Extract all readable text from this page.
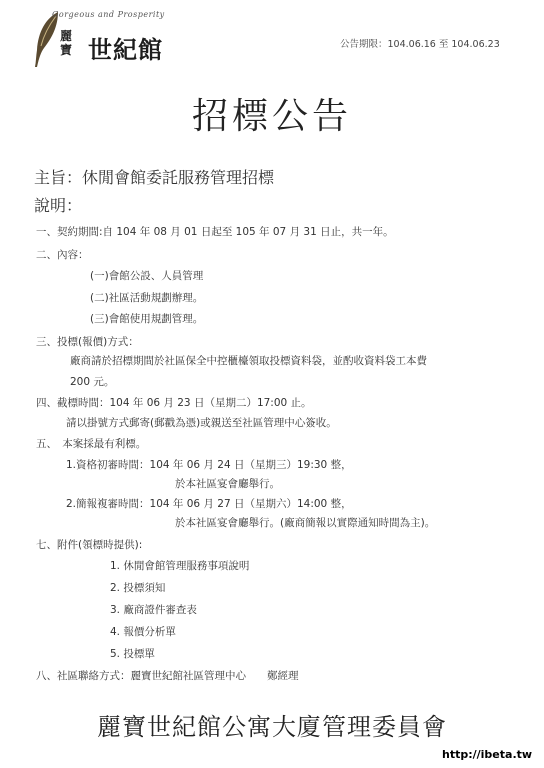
麗
寶
Gorgeous and Prosperity
世紀館	公告期限：104.06.16 至 104.06.23
招標公告
主旨：休閒會館委託服務管理招標
說明：
一、契約期間:自 104 年 08 月 01 日起至 105 年 07 月 31 日止，共一年。
二、內容：
(一)會館公設、人員管理
(二)社區活動規劃辦理。
(三)會館使用規劃管理。
三、投標(報價)方式：
廠商請於招標期間於社區保全中控櫃檯領取投標資料袋，並酌收資料袋工本費
200 元。
四、截標時間：104 年 06 月 23 日（星期二）17:00 止。
請以掛號方式郵寄(郵戳為憑)或親送至社區管理中心簽收。
五、　本案採最有利標。
1.資格初審時間：104 年 06 月 24 日（星期三）19:30 整，
於本社區宴會廳舉行。
2.簡報複審時間：104 年 06 月 27 日（星期六）14:00 整，
於本社區宴會廳舉行。(廠商簡報以實際通知時間為主)。
七、附件(領標時提供):
1. 休閒會館管理服務事項說明
2. 投標須知
3. 廠商證件審查表
4. 報價分析單
5. 投標單
八、社區聯絡方式：麗寶世紀館社區管理中心　　鄭經理
麗寶世紀館公寓大廈管理委員會
http://ibeta.tw
